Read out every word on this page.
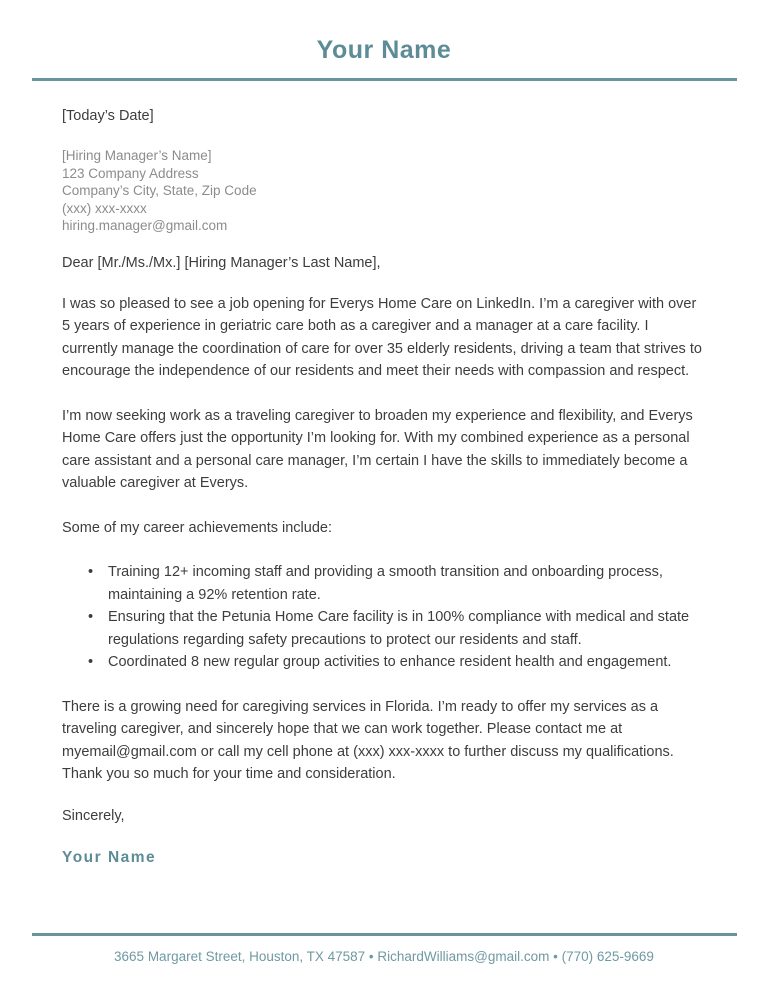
Your Name

[Today’s Date]

[Hiring Manager’s Name]

123 Company Address

Company’s City, State, Zip Code

(xxx) xxx-xxxx

hiring.manager@gmail.com

Dear [Mr./Ms./Mx.] [Hiring Manager’s Last Name],

I was so pleased to see a job opening for Everys Home Care on LinkedIn. I’m a caregiver with over 5 years of experience in geriatric care both as a caregiver and a manager at a care facility. I currently manage the coordination of care for over 35 elderly residents, driving a team that strives to encourage the independence of our residents and meet their needs with compassion and respect.

I’m now seeking work as a traveling caregiver to broaden my experience and flexibility, and Everys Home Care offers just the opportunity I’m looking for. With my combined experience as a personal care assistant and a personal care manager, I’m certain I have the skills to immediately become a valuable caregiver at Everys.

Some of my career achievements include:

•
Training 12+ incoming staff and providing a smooth transition and onboarding process, maintaining a 92% retention rate.
•
Ensuring that the Petunia Home Care facility is in 100% compliance with medical and state regulations regarding safety precautions to protect our residents and staff.
•
Coordinated 8 new regular group activities to enhance resident health and engagement.

There is a growing need for caregiving services in Florida. I’m ready to offer my services as a traveling caregiver, and sincerely hope that we can work together. Please contact me at myemail@gmail.com or call my cell phone at (xxx) xxx-xxxx to further discuss my qualifications. Thank you so much for your time and consideration.

Sincerely,

Your Name

3665 Margaret Street, Houston, TX 47587 • RichardWilliams@gmail.com • (770) 625-9669
